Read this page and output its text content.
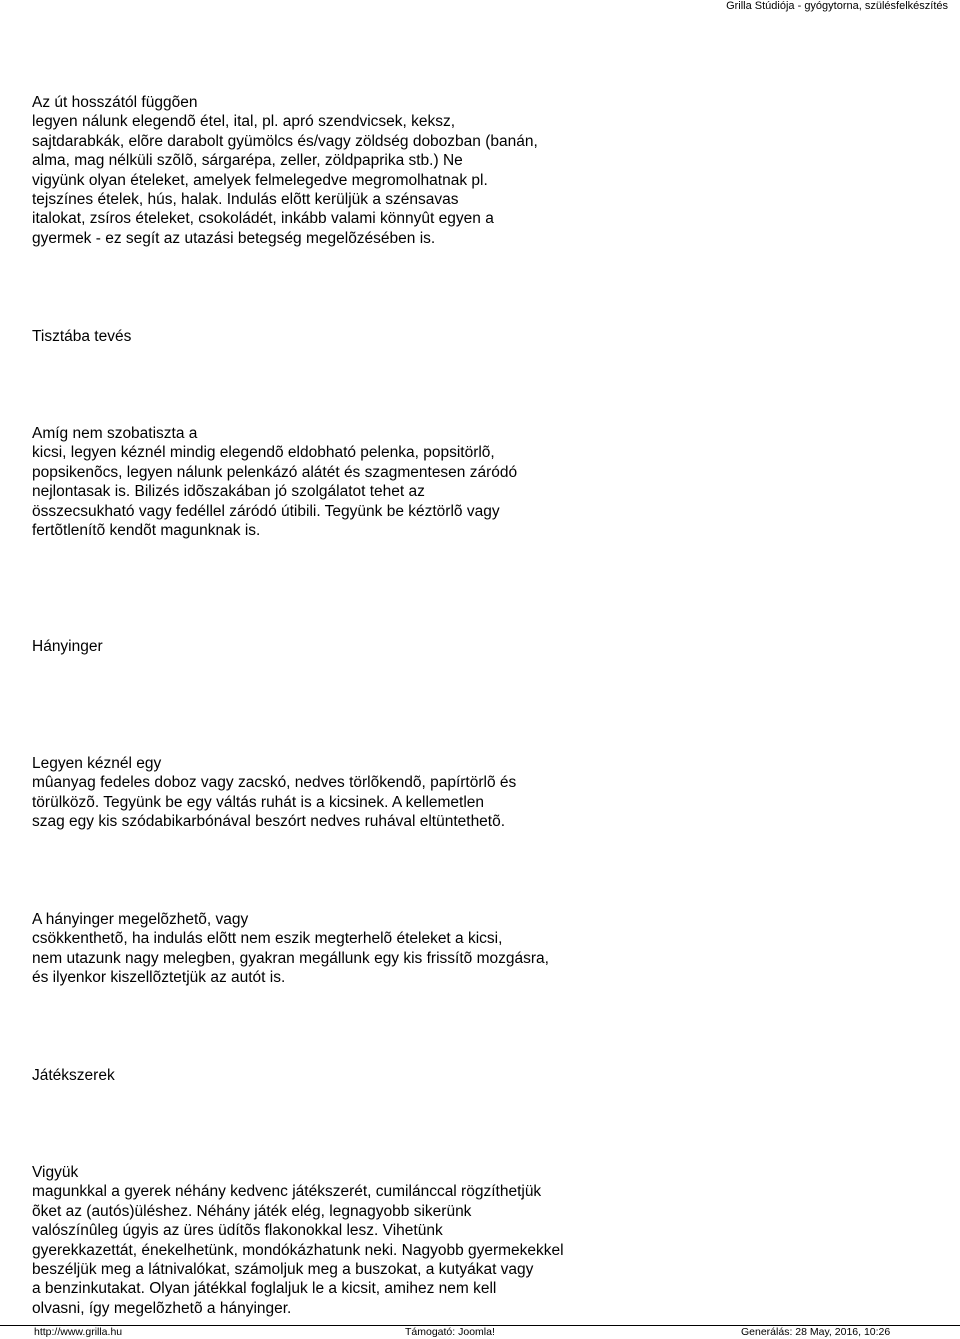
Grilla Stúdiója - gyógytorna, szülésfelkészítés
Az út hosszától függõen
legyen nálunk elegendõ étel, ital, pl. apró szendvicsek, keksz,
sajtdarabkák, elõre darabolt gyümölcs és/vagy zöldség dobozban (banán,
alma, mag nélküli szõlõ, sárgarépa, zeller, zöldpaprika stb.) Ne
vigyünk olyan ételeket, amelyek felmelegedve megromolhatnak pl.
tejszínes ételek, hús, halak. Indulás elõtt kerüljük a szénsavas
italokat, zsíros ételeket, csokoládét, inkább valami könnyût egyen a
gyermek - ez segít az utazási betegség megelõzésében is.
Tisztába tevés
Amíg nem szobatiszta a
kicsi, legyen kéznél mindig elegendõ eldobható pelenka, popsitörlõ,
popsikenõcs, legyen nálunk pelenkázó alátét és szagmentesen záródó
nejlontasak is. Bilizés idõszakában jó szolgálatot tehet az
összecsukható vagy fedéllel záródó útibili. Tegyünk be kéztörlõ vagy
fertõtlenítõ kendõt magunknak is.
Hányinger
Legyen kéznél egy
mûanyag fedeles doboz vagy zacskó, nedves törlõkendõ, papírtörlõ és
törülközõ. Tegyünk be egy váltás ruhát is a kicsinek. A kellemetlen
szag egy kis szódabikarbónával beszórt nedves ruhával eltüntethetõ.
A hányinger megelõzhetõ, vagy
csökkenthetõ, ha indulás elõtt nem eszik megterhelõ ételeket a kicsi,
nem utazunk nagy melegben, gyakran megállunk egy kis frissítõ mozgásra,
és ilyenkor kiszellõztetjük az autót is.
Játékszerek
Vigyük
magunkkal a gyerek néhány kedvenc játékszerét, cumilánccal rögzíthetjük
õket az (autós)üléshez. Néhány játék elég, legnagyobb sikerünk
valószínûleg úgyis az üres üdítõs flakonokkal lesz. Vihetünk
gyerekkazettát, énekelhetünk, mondókázhatunk neki. Nagyobb gyermekekkel
beszéljük meg a látnivalókat, számoljuk meg a buszokat, a kutyákat vagy
a benzinkutakat. Olyan játékkal foglaljuk le a kicsit, amihez nem kell
olvasni, így megelõzhetõ a hányinger.
http://www.grilla.hu	Támogató: Joomla!	Generálás: 28 May, 2016, 10:26
